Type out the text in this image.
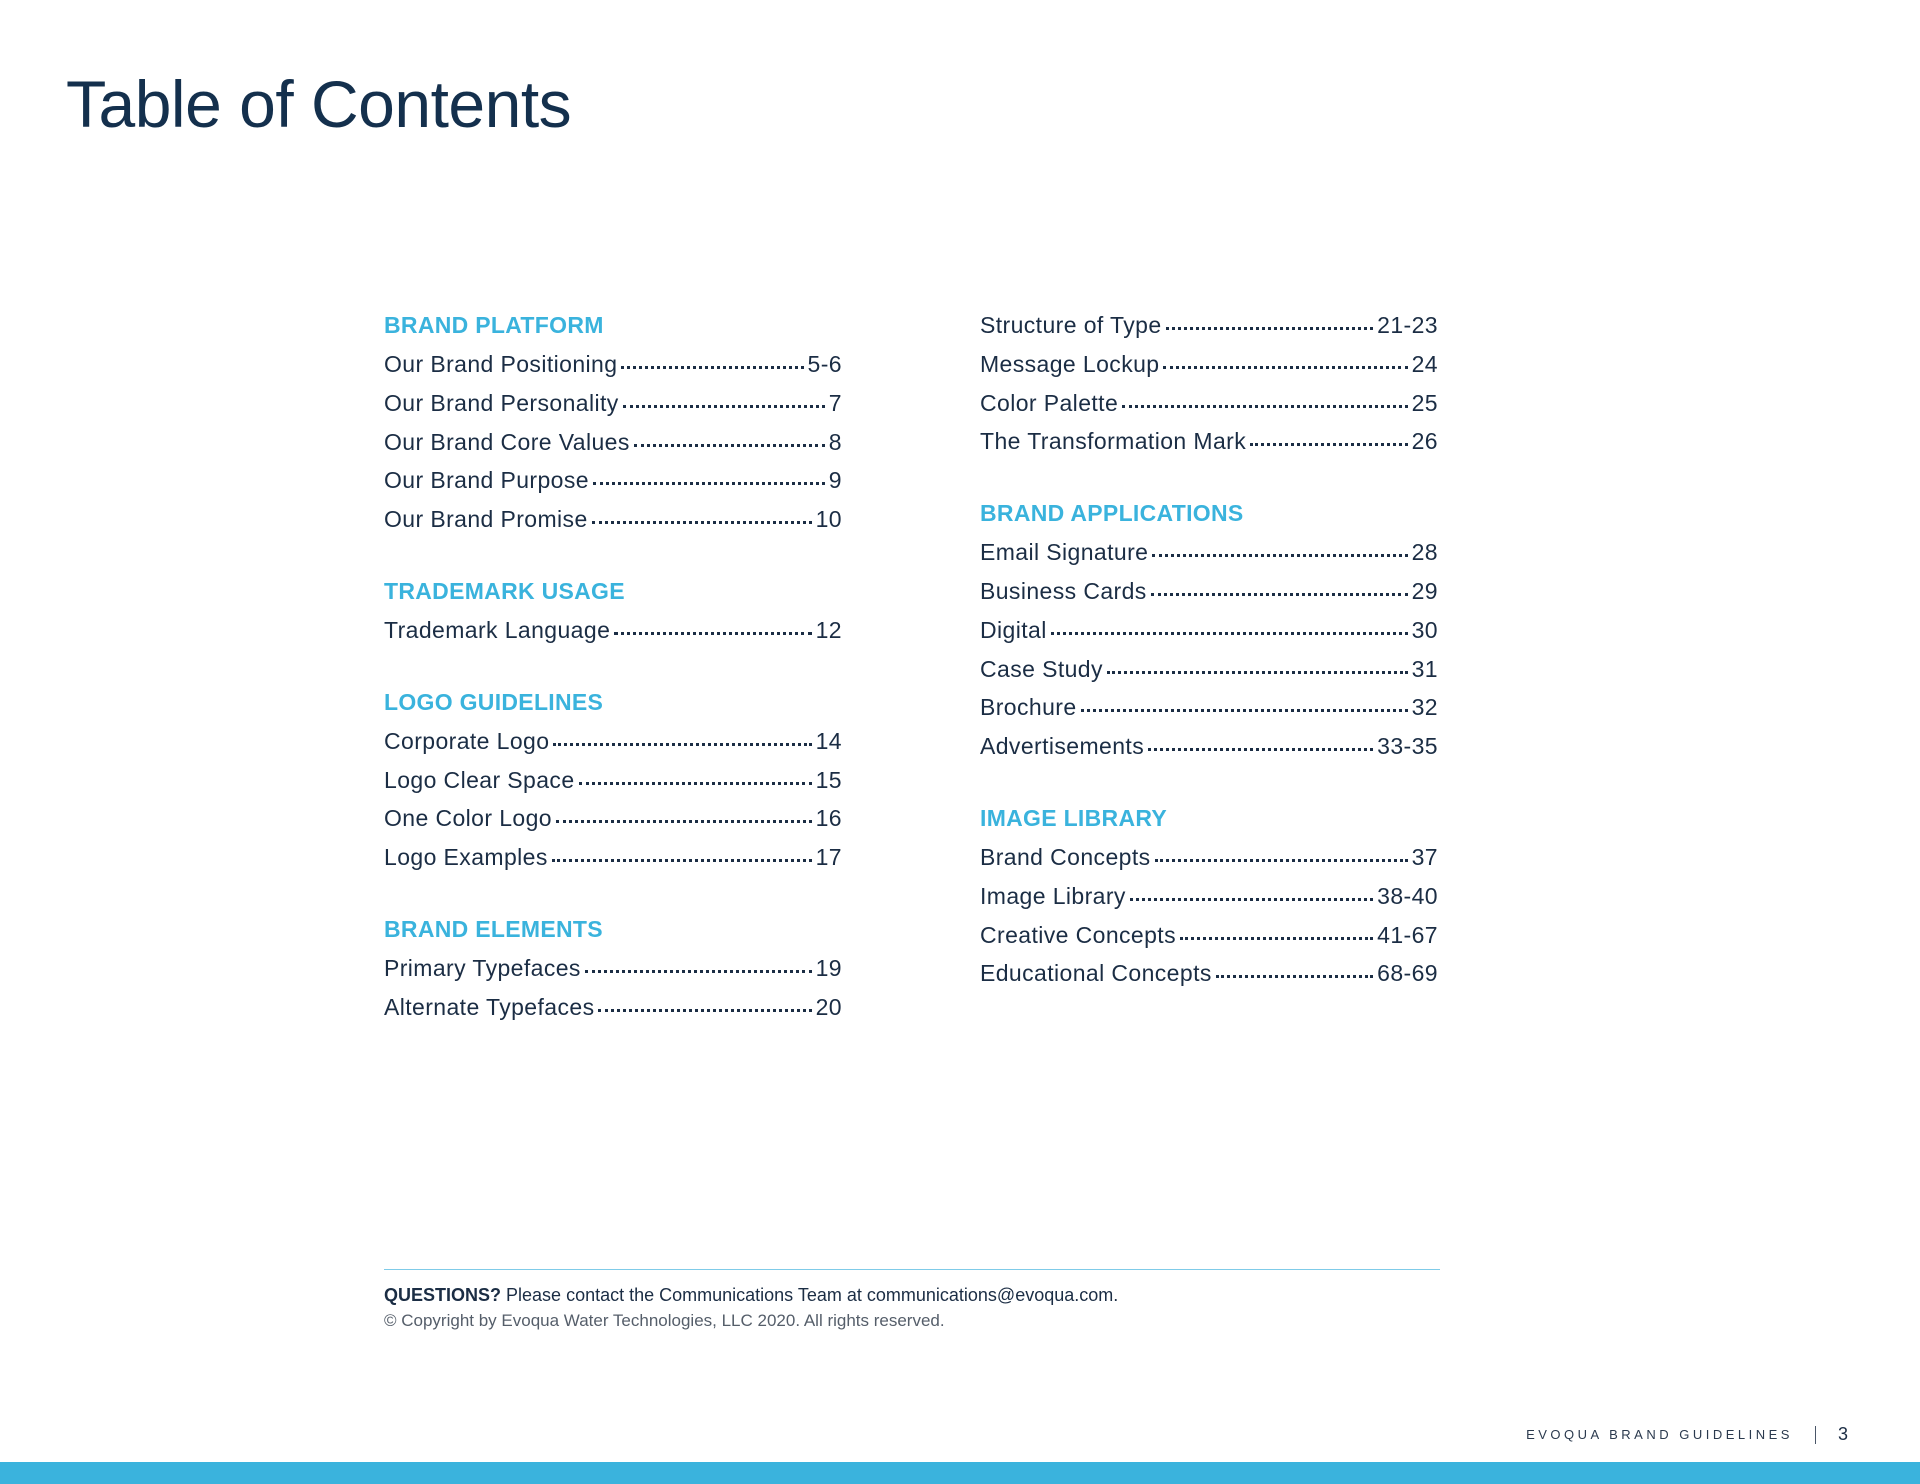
Table of Contents
BRAND PLATFORM
Our Brand Positioning	5-6
Our Brand Personality	7
Our Brand Core Values	8
Our Brand Purpose	9
Our Brand Promise	10
TRADEMARK USAGE
Trademark Language	12
LOGO GUIDELINES
Corporate Logo	14
Logo Clear Space	15
One Color Logo	16
Logo Examples	17
BRAND ELEMENTS
Primary Typefaces	19
Alternate Typefaces	20
Structure of Type	21-23
Message Lockup	24
Color Palette	25
The Transformation Mark	26
BRAND APPLICATIONS
Email Signature	28
Business Cards	29
Digital	30
Case Study	31
Brochure	32
Advertisements	33-35
IMAGE LIBRARY
Brand Concepts	37
Image Library	38-40
Creative Concepts	41-67
Educational Concepts	68-69
QUESTIONS? Please contact the Communications Team at communications@evoqua.com.
© Copyright by Evoqua Water Technologies, LLC 2020. All rights reserved.
EVOQUA BRAND GUIDELINES	3
